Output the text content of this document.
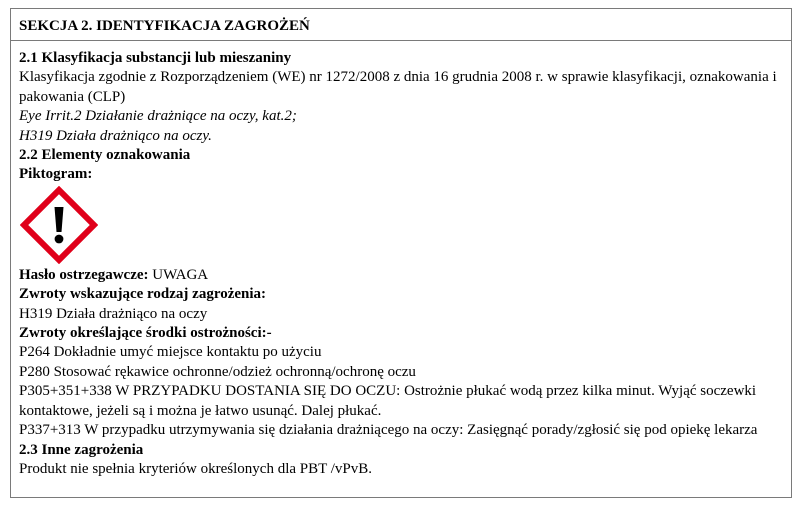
SEKCJA 2. IDENTYFIKACJA ZAGROŻEŃ
2.1 Klasyfikacja substancji lub mieszaniny
Klasyfikacja zgodnie z Rozporządzeniem (WE) nr 1272/2008 z dnia 16 grudnia 2008 r. w sprawie klasyfikacji, oznakowania i pakowania (CLP)
Eye Irrit.2 Działanie drażniące na oczy, kat.2;
H319 Działa drażniąco na oczy.
2.2 Elementy oznakowania
Piktogram:
Hasło ostrzegawcze: UWAGA
Zwroty wskazujące rodzaj zagrożenia:
H319 Działa drażniąco na oczy
Zwroty określające środki ostrożności:-
P264 Dokładnie umyć miejsce kontaktu po użyciu
P280 Stosować rękawice ochronne/odzież ochronną/ochronę oczu
P305+351+338 W PRZYPADKU DOSTANIA SIĘ DO OCZU: Ostrożnie płukać wodą przez kilka minut. Wyjąć soczewki kontaktowe, jeżeli są i można je łatwo usunąć. Dalej płukać.
P337+313 W przypadku utrzymywania się działania drażniącego na oczy: Zasięgnąć porady/zgłosić się pod opiekę lekarza
2.3 Inne zagrożenia
Produkt nie spełnia kryteriów określonych dla PBT /vPvB.
